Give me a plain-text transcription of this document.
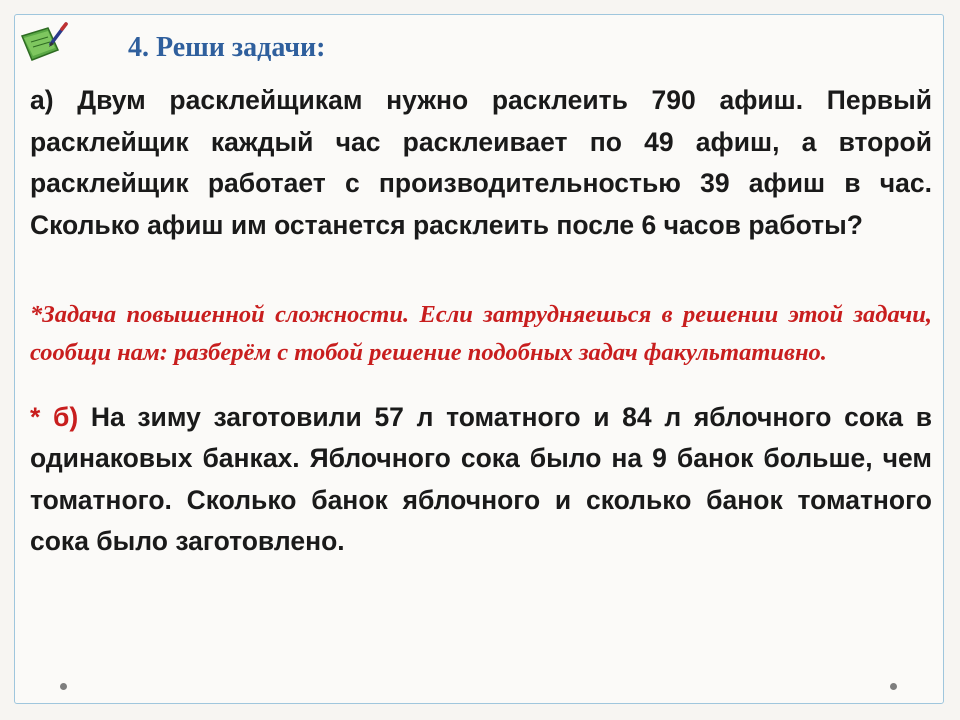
4. Реши задачи:

а) Двум расклейщикам нужно расклеить 790 афиш. Первый расклейщик каждый час расклеивает по 49 афиш, а второй расклейщик работает с производительностью 39 афиш в час. Сколько афиш им останется расклеить после 6 часов работы?

*Задача повышенной сложности. Если затрудняешься в решении этой задачи, сообщи нам: разберём с тобой решение подобных задач факультативно.

* б) На зиму заготовили 57 л томатного и 84 л яблочного сока в одинаковых банках. Яблочного сока было на 9 банок больше, чем томатного. Сколько банок яблочного и сколько банок томатного сока было заготовлено.
